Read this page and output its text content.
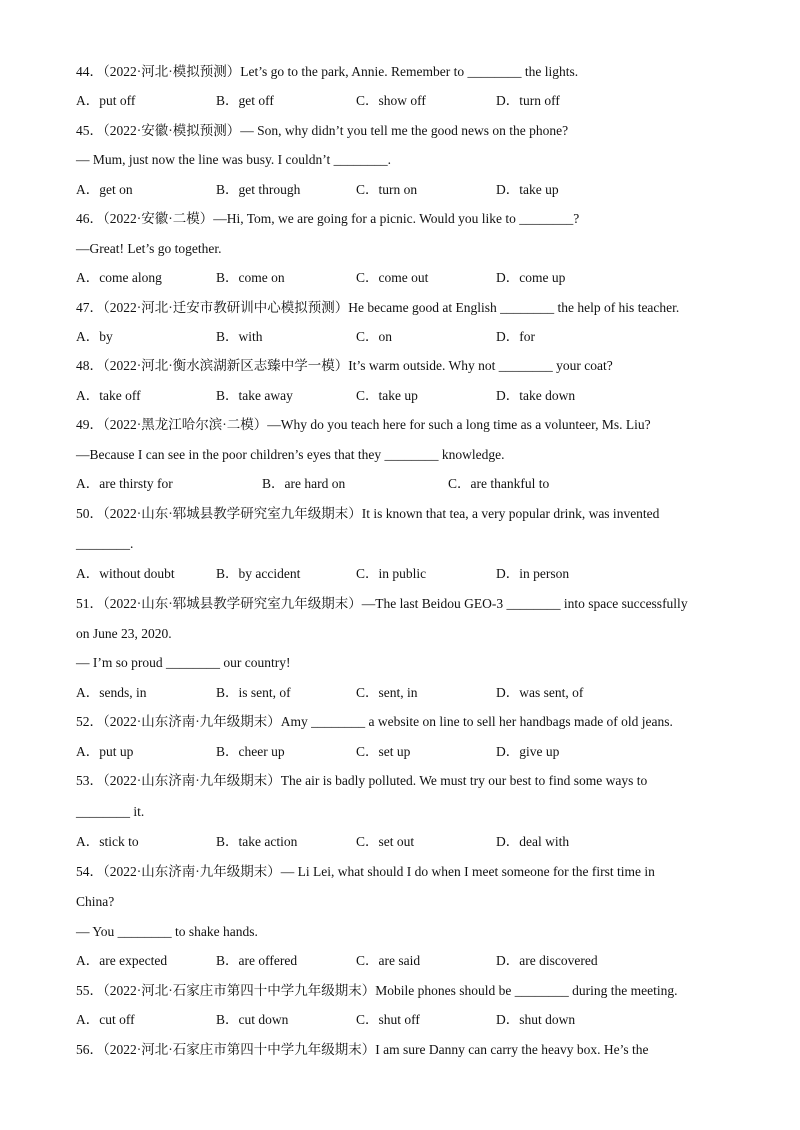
44．（2022·河北·模拟预测）Let’s go to the park, Annie. Remember to ________ the lights.
A．put off	B．get off	C．show off	D．turn off
45．（2022·安徽·模拟预测）— Son, why didn’t you tell me the good news on the phone?
— Mum, just now the line was busy. I couldn’t ________.
A．get on	B．get through	C．turn on	D．take up
46．（2022·安徽·二模）—Hi, Tom, we are going for a picnic. Would you like to ________?
—Great! Let’s go together.
A．come along	B．come on	C．come out	D．come up
47．（2022·河北·迁安市教研训中心模拟预测）He became good at English ________ the help of his teacher.
A．by	B．with	C．on	D．for
48．（2022·河北·衡水滨湖新区志臻中学一模）It’s warm outside. Why not ________ your coat?
A．take off	B．take away	C．take up	D．take down
49．（2022·黑龙江哈尔滨·二模）—Why do you teach here for such a long time as a volunteer, Ms. Liu?
—Because I can see in the poor children’s eyes that they ________ knowledge.
A．are thirsty for	B．are hard on	C．are thankful to
50．（2022·山东·郓城县教学研究室九年级期末）It is known that tea, a very popular drink, was invented
________.
A．without doubt	B．by accident	C．in public	D．in person
51．（2022·山东·郓城县教学研究室九年级期末）—The last Beidou GEO-3 ________ into space successfully
on June 23, 2020.
— I’m so proud ________ our country!
A．sends, in	B．is sent, of	C．sent, in	D．was sent, of
52．（2022·山东济南·九年级期末）Amy ________ a website on line to sell her handbags made of old jeans.
A．put up	B．cheer up	C．set up	D．give up
53．（2022·山东济南·九年级期末）The air is badly polluted. We must try our best to find some ways to
________ it.
A．stick to	B．take action	C．set out	D．deal with
54．（2022·山东济南·九年级期末）— Li Lei, what should I do when I meet someone for the first time in
China?
— You ________ to shake hands.
A．are expected	B．are offered	C．are said	D．are discovered
55．（2022·河北·石家庄市第四十中学九年级期末）Mobile phones should be ________ during the meeting.
A．cut off	B．cut down	C．shut off	D．shut down
56．（2022·河北·石家庄市第四十中学九年级期末）I am sure Danny can carry the heavy box. He’s the
